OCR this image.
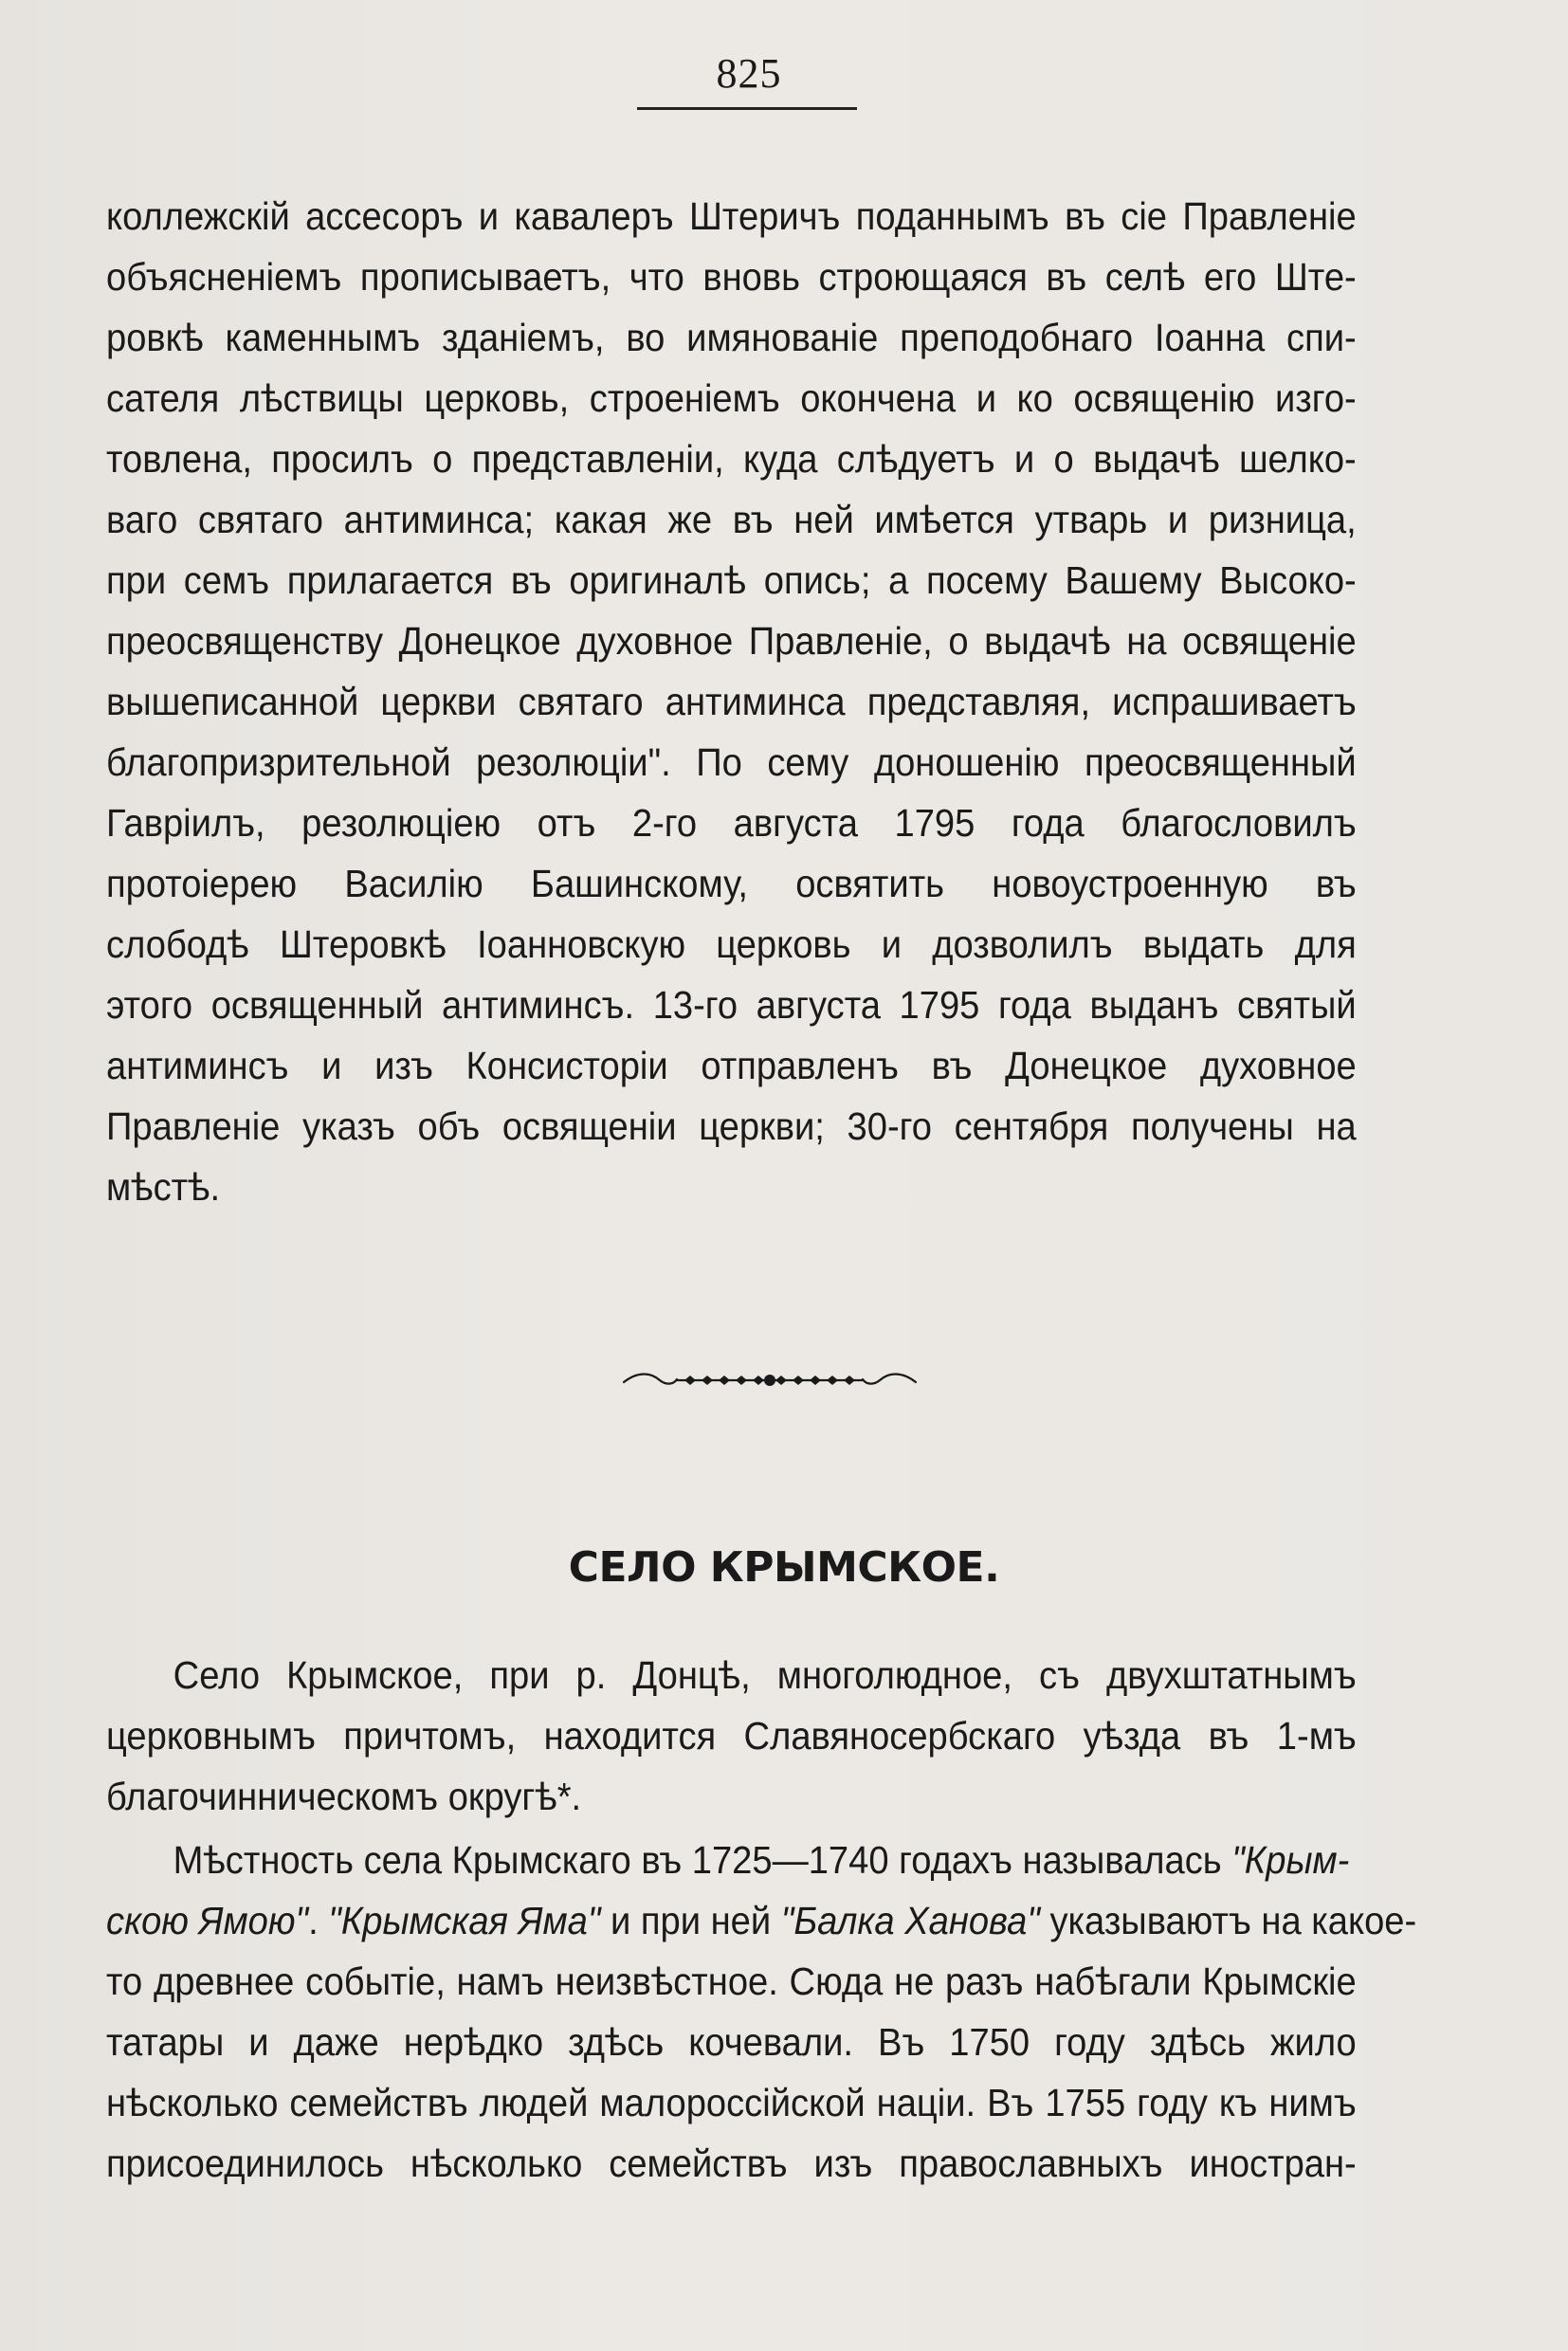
825
коллежскій ассесоръ и кавалеръ Штеричъ поданнымъ въ сіе Правленіе
объясненіемъ прописываетъ, что вновь строющаяся въ селѣ его Ште-
ровкѣ каменнымъ зданіемъ, во имянованіе преподобнаго Іоанна спи-
сателя лѣствицы церковь, строеніемъ окончена и ко освященію изго-
товлена, просилъ о представленіи, куда слѣдуетъ и о выдачѣ шелко-
ваго святаго антиминса; какая же въ ней имѣется утварь и ризница,
при семъ прилагается въ оригиналѣ опись; а посему Вашему Высоко-
преосвященству Донецкое духовное Правленіе, о выдачѣ на освященіе
вышеписанной церкви святаго антиминса представляя, испрашиваетъ
благопризрительной резолюціи". По сему доношенію преосвященный
Гавріилъ, резолюціею отъ 2-го августа 1795 года благословилъ
протоіерею Василію Башинскому, освятить новоустроенную въ
слободѣ Штеровкѣ Іоанновскую церковь и дозволилъ выдать для
этого освященный антиминсъ. 13-го августа 1795 года выданъ святый
антиминсъ и изъ Консисторіи отправленъ въ Донецкое духовное
Правленіе указъ объ освященіи церкви; 30-го сентября получены на
мѣстѣ.
СЕЛО КРЫМСКОЕ.
Село Крымское, при р. Донцѣ, многолюдное, съ двухштатнымъ
церковнымъ причтомъ, находится Славяносербскаго уѣзда въ 1-мъ
благочинническомъ округѣ*.
Мѣстность села Крымскаго въ 1725—1740 годахъ называлась "Крым-
скою Ямою". "Крымская Яма" и при ней "Балка Ханова" указываютъ на какое-
то древнее событіе, намъ неизвѣстное. Сюда не разъ набѣгали Крымскіе
татары и даже нерѣдко здѣсь кочевали. Въ 1750 году здѣсь жило
нѣсколько семействъ людей малороссійской націи. Въ 1755 году къ нимъ
присоединилось нѣсколько семействъ изъ православныхъ иностран-
